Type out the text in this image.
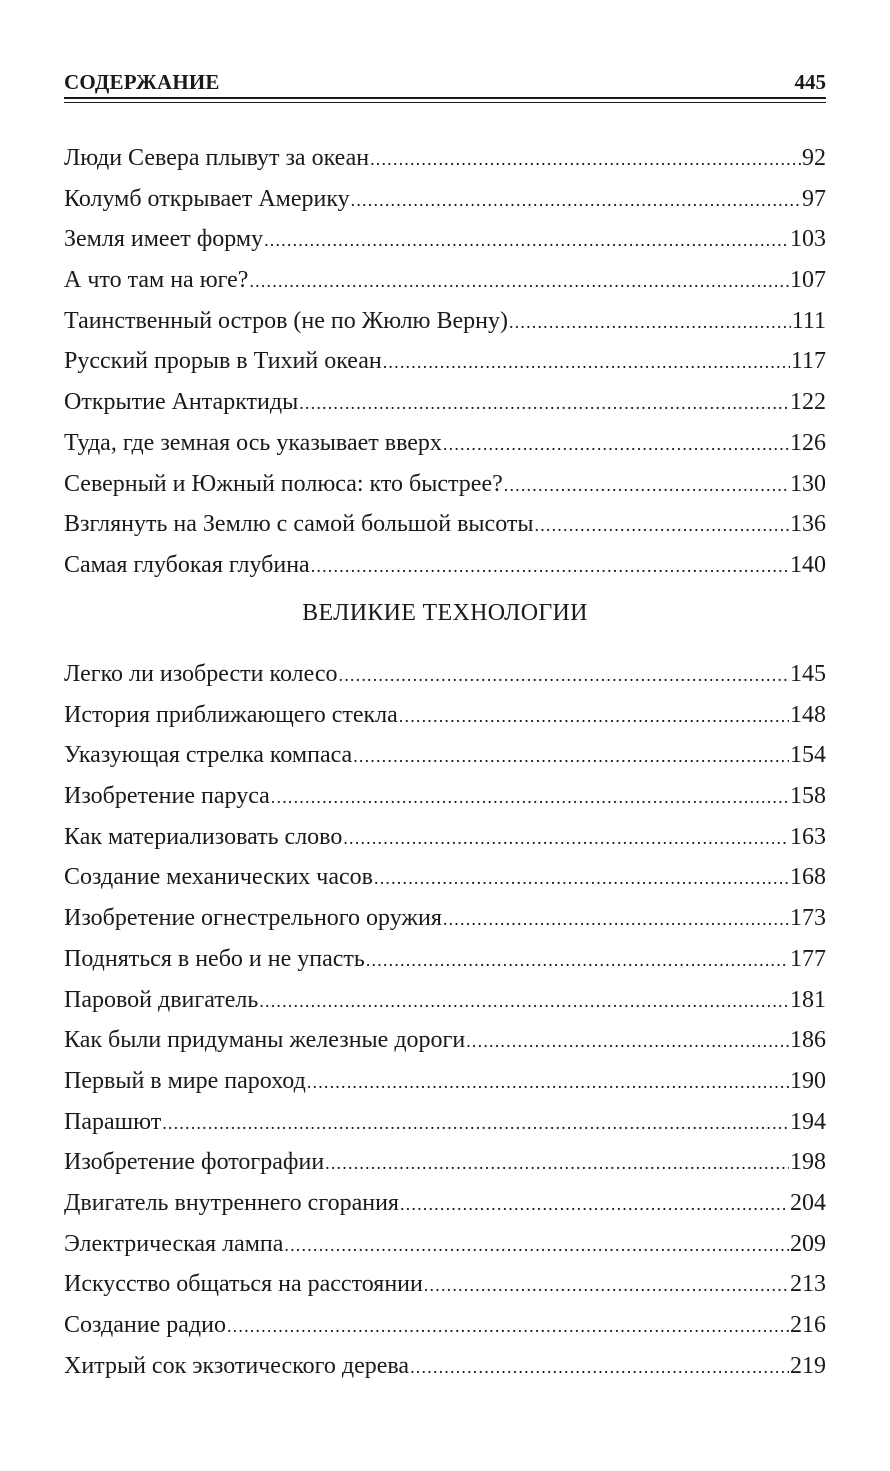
СОДЕРЖАНИЕ	445
Люди Севера плывут за океан .....	92
Колумб открывает Америку .....	97
Земля имеет форму .....	103
А что там на юге? .....	107
Таинственный остров (не по Жюлю Верну) .....	111
Русский прорыв в Тихий океан .....	117
Открытие Антарктиды .....	122
Туда, где земная ось указывает вверх .....	126
Северный и Южный полюса: кто быстрее? .....	130
Взглянуть на Землю с самой большой высоты .....	136
Самая глубокая глубина .....	140
ВЕЛИКИЕ ТЕХНОЛОГИИ
Легко ли изобрести колесо .....	145
История приближающего стекла .....	148
Указующая стрелка компаса .....	154
Изобретение паруса .....	158
Как материализовать слово .....	163
Создание механических часов .....	168
Изобретение огнестрельного оружия .....	173
Подняться в небо и не упасть .....	177
Паровой двигатель .....	181
Как были придуманы железные дороги .....	186
Первый в мире пароход .....	190
Парашют .....	194
Изобретение фотографии .....	198
Двигатель внутреннего сгорания .....	204
Электрическая лампа .....	209
Искусство общаться на расстоянии .....	213
Создание радио .....	216
Хитрый сок экзотического дерева .....	219
